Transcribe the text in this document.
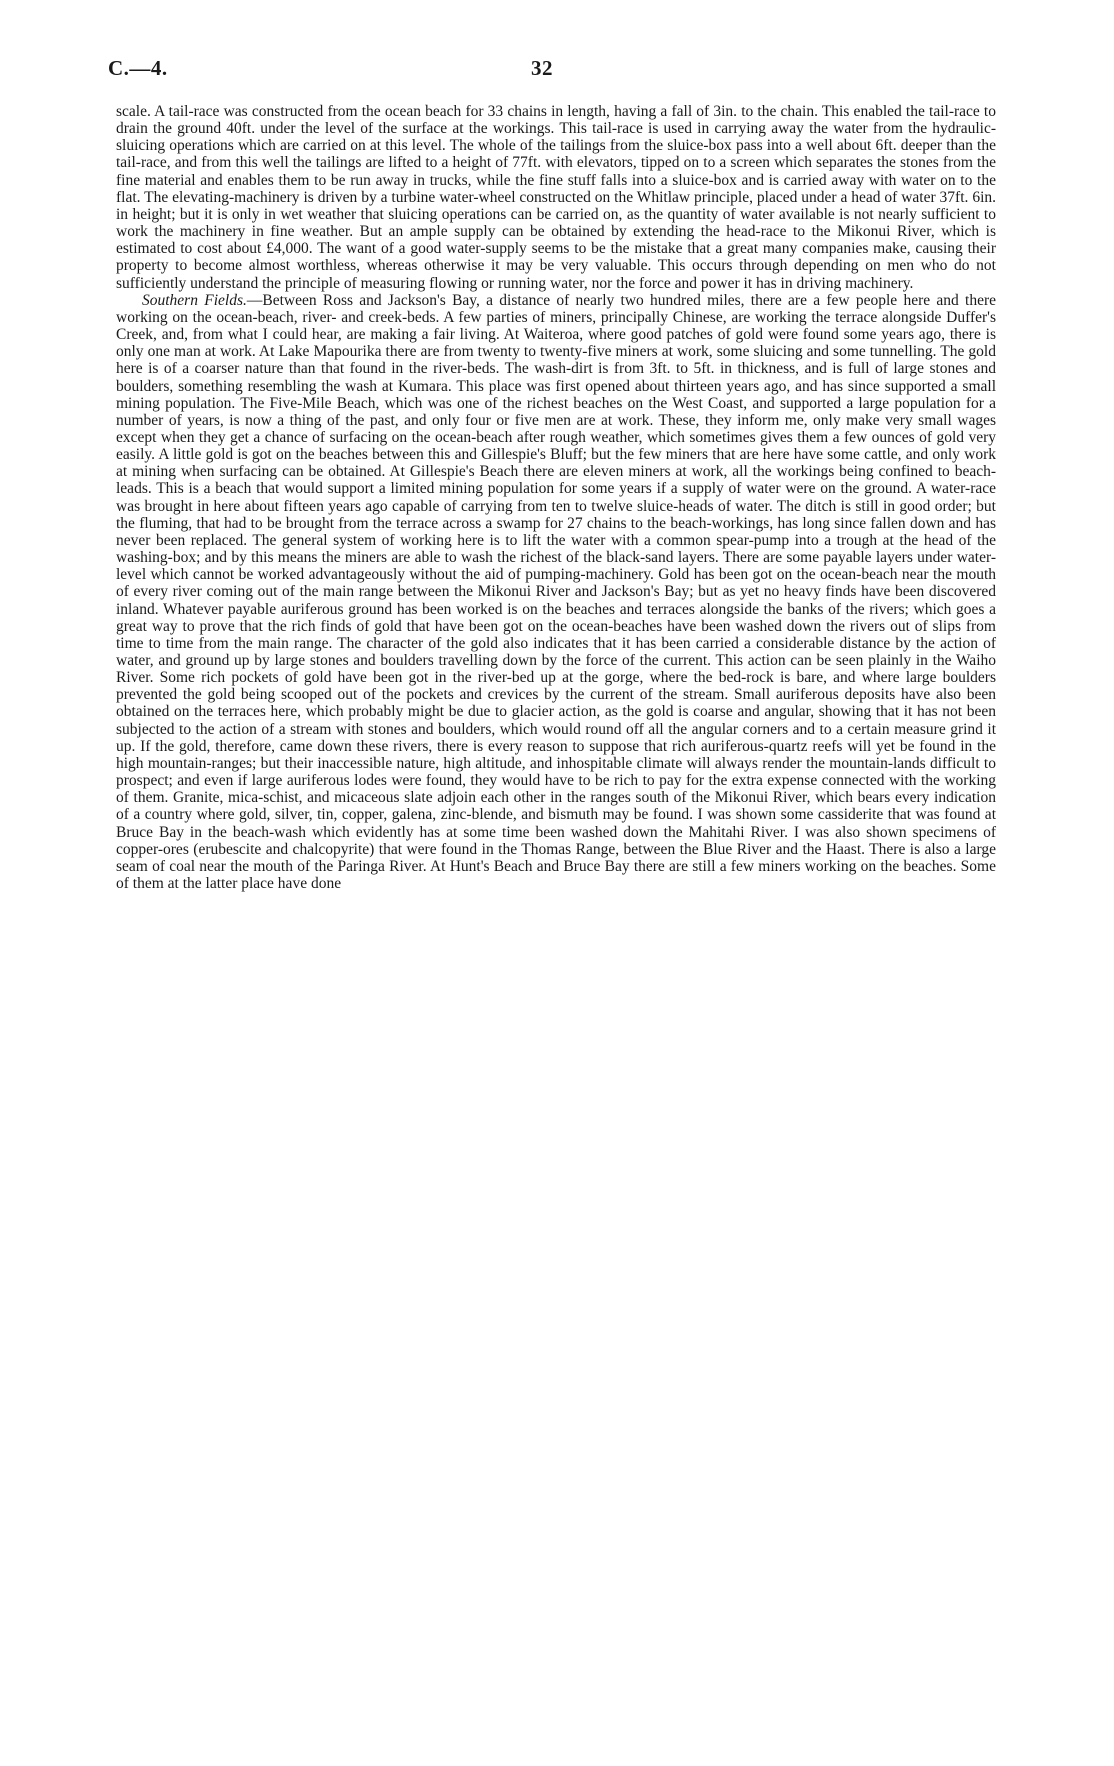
C.—4.	32

scale. A tail-race was constructed from the ocean beach for 33 chains in length, having a fall of 3in. to the chain. This enabled the tail-race to drain the ground 40ft. under the level of the surface at the workings. This tail-race is used in carrying away the water from the hydraulic-sluicing operations which are carried on at this level. The whole of the tailings from the sluice-box pass into a well about 6ft. deeper than the tail-race, and from this well the tailings are lifted to a height of 77ft. with elevators, tipped on to a screen which separates the stones from the fine material and enables them to be run away in trucks, while the fine stuff falls into a sluice-box and is carried away with water on to the flat. The elevating-machinery is driven by a turbine water-wheel constructed on the Whitlaw principle, placed under a head of water 37ft. 6in. in height; but it is only in wet weather that sluicing operations can be carried on, as the quantity of water available is not nearly sufficient to work the machinery in fine weather. But an ample supply can be obtained by extending the head-race to the Mikonui River, which is estimated to cost about £4,000. The want of a good water-supply seems to be the mistake that a great many companies make, causing their property to become almost worthless, whereas otherwise it may be very valuable. This occurs through depending on men who do not sufficiently understand the principle of measuring flowing or running water, nor the force and power it has in driving machinery.

Southern Fields.—Between Ross and Jackson's Bay, a distance of nearly two hundred miles, there are a few people here and there working on the ocean-beach, river- and creek-beds. A few parties of miners, principally Chinese, are working the terrace alongside Duffer's Creek, and, from what I could hear, are making a fair living. At Waiteroa, where good patches of gold were found some years ago, there is only one man at work. At Lake Mapourika there are from twenty to twenty-five miners at work, some sluicing and some tunnelling. The gold here is of a coarser nature than that found in the river-beds. The wash-dirt is from 3ft. to 5ft. in thickness, and is full of large stones and boulders, something resembling the wash at Kumara. This place was first opened about thirteen years ago, and has since supported a small mining population. The Five-Mile Beach, which was one of the richest beaches on the West Coast, and supported a large population for a number of years, is now a thing of the past, and only four or five men are at work. These, they inform me, only make very small wages except when they get a chance of surfacing on the ocean-beach after rough weather, which sometimes gives them a few ounces of gold very easily. A little gold is got on the beaches between this and Gillespie's Bluff; but the few miners that are here have some cattle, and only work at mining when surfacing can be obtained. At Gillespie's Beach there are eleven miners at work, all the workings being confined to beach-leads. This is a beach that would support a limited mining population for some years if a supply of water were on the ground. A water-race was brought in here about fifteen years ago capable of carrying from ten to twelve sluice-heads of water. The ditch is still in good order; but the fluming, that had to be brought from the terrace across a swamp for 27 chains to the beach-workings, has long since fallen down and has never been replaced. The general system of working here is to lift the water with a common spear-pump into a trough at the head of the washing-box; and by this means the miners are able to wash the richest of the black-sand layers. There are some payable layers under water-level which cannot be worked advantageously without the aid of pumping-machinery. Gold has been got on the ocean-beach near the mouth of every river coming out of the main range between the Mikonui River and Jackson's Bay; but as yet no heavy finds have been discovered inland. Whatever payable auriferous ground has been worked is on the beaches and terraces alongside the banks of the rivers; which goes a great way to prove that the rich finds of gold that have been got on the ocean-beaches have been washed down the rivers out of slips from time to time from the main range. The character of the gold also indicates that it has been carried a considerable distance by the action of water, and ground up by large stones and boulders travelling down by the force of the current. This action can be seen plainly in the Waiho River. Some rich pockets of gold have been got in the river-bed up at the gorge, where the bed-rock is bare, and where large boulders prevented the gold being scooped out of the pockets and crevices by the current of the stream. Small auriferous deposits have also been obtained on the terraces here, which probably might be due to glacier action, as the gold is coarse and angular, showing that it has not been subjected to the action of a stream with stones and boulders, which would round off all the angular corners and to a certain measure grind it up. If the gold, therefore, came down these rivers, there is every reason to suppose that rich auriferous-quartz reefs will yet be found in the high mountain-ranges; but their inaccessible nature, high altitude, and inhospitable climate will always render the mountain-lands difficult to prospect; and even if large auriferous lodes were found, they would have to be rich to pay for the extra expense connected with the working of them. Granite, mica-schist, and micaceous slate adjoin each other in the ranges south of the Mikonui River, which bears every indication of a country where gold, silver, tin, copper, galena, zinc-blende, and bismuth may be found. I was shown some cassiderite that was found at Bruce Bay in the beach-wash which evidently has at some time been washed down the Mahitahi River. I was also shown specimens of copper-ores (erubescite and chalcopyrite) that were found in the Thomas Range, between the Blue River and the Haast. There is also a large seam of coal near the mouth of the Paringa River. At Hunt's Beach and Bruce Bay there are still a few miners working on the beaches. Some of them at the latter place have done
